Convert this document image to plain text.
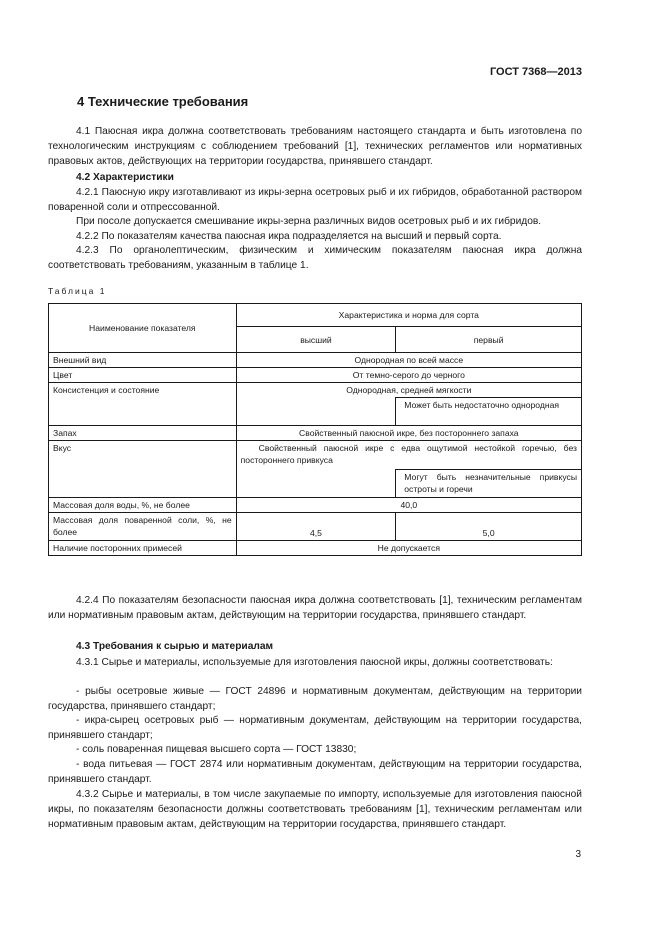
ГОСТ 7368—2013
4 Технические требования
4.1 Паюсная икра должна соответствовать требованиям настоящего стандарта и быть изготовлена по технологическим инструкциям с соблюдением требований [1], технических регламентов или нормативных правовых актов, действующих на территории государства, принявшего стандарт.
4.2 Характеристики
4.2.1 Паюсную икру изготавливают из икры-зерна осетровых рыб и их гибридов, обработанной раствором поваренной соли и отпрессованной.
При посоле допускается смешивание икры-зерна различных видов осетровых рыб и их гибридов.
4.2.2 По показателям качества паюсная икра подразделяется на высший и первый сорта.
4.2.3 По органолептическим, физическим и химическим показателям паюсная икра должна соответствовать требованиям, указанным в таблице 1.
Таблица 1
Наименование показателя	Характеристика и норма для сорта	
	высший	первый
Внешний вид	Однородная по всей массе	
Цвет	От темно-серого до черного	
Консистенция и состояние	Однородная, средней мягкости	
		Может быть недостаточно однородная
Запах	Свойственный паюсной икре, без постороннего запаха	
Вкус	Свойственный паюсной икре с едва ощутимой нестойкой горечью, без постороннего привкуса	
		Могут быть незначительные привкусы остроты и горечи
Массовая доля воды, %, не более	40,0	
Массовая доля поваренной соли, %, не более	4,5	5,0
Наличие посторонних примесей	Не допускается	
4.2.4 По показателям безопасности паюсная икра должна соответствовать [1], техническим регламентам или нормативным правовым актам, действующим на территории государства, принявшего стандарт.
4.3 Требования к сырью и материалам
4.3.1 Сырье и материалы, используемые для изготовления паюсной икры, должны соответствовать:
- рыбы осетровые живые — ГОСТ 24896 и нормативным документам, действующим на территории государства, принявшего стандарт;
- икра-сырец осетровых рыб — нормативным документам, действующим на территории государства, принявшего стандарт;
- соль поваренная пищевая высшего сорта — ГОСТ 13830;
- вода питьевая — ГОСТ 2874 или нормативным документам, действующим на территории государства, принявшего стандарт.
4.3.2 Сырье и материалы, в том числе закупаемые по импорту, используемые для изготовления паюсной икры, по показателям безопасности должны соответствовать требованиям [1], техническим регламентам или нормативным правовым актам, действующим на территории государства, принявшего стандарт.
3
